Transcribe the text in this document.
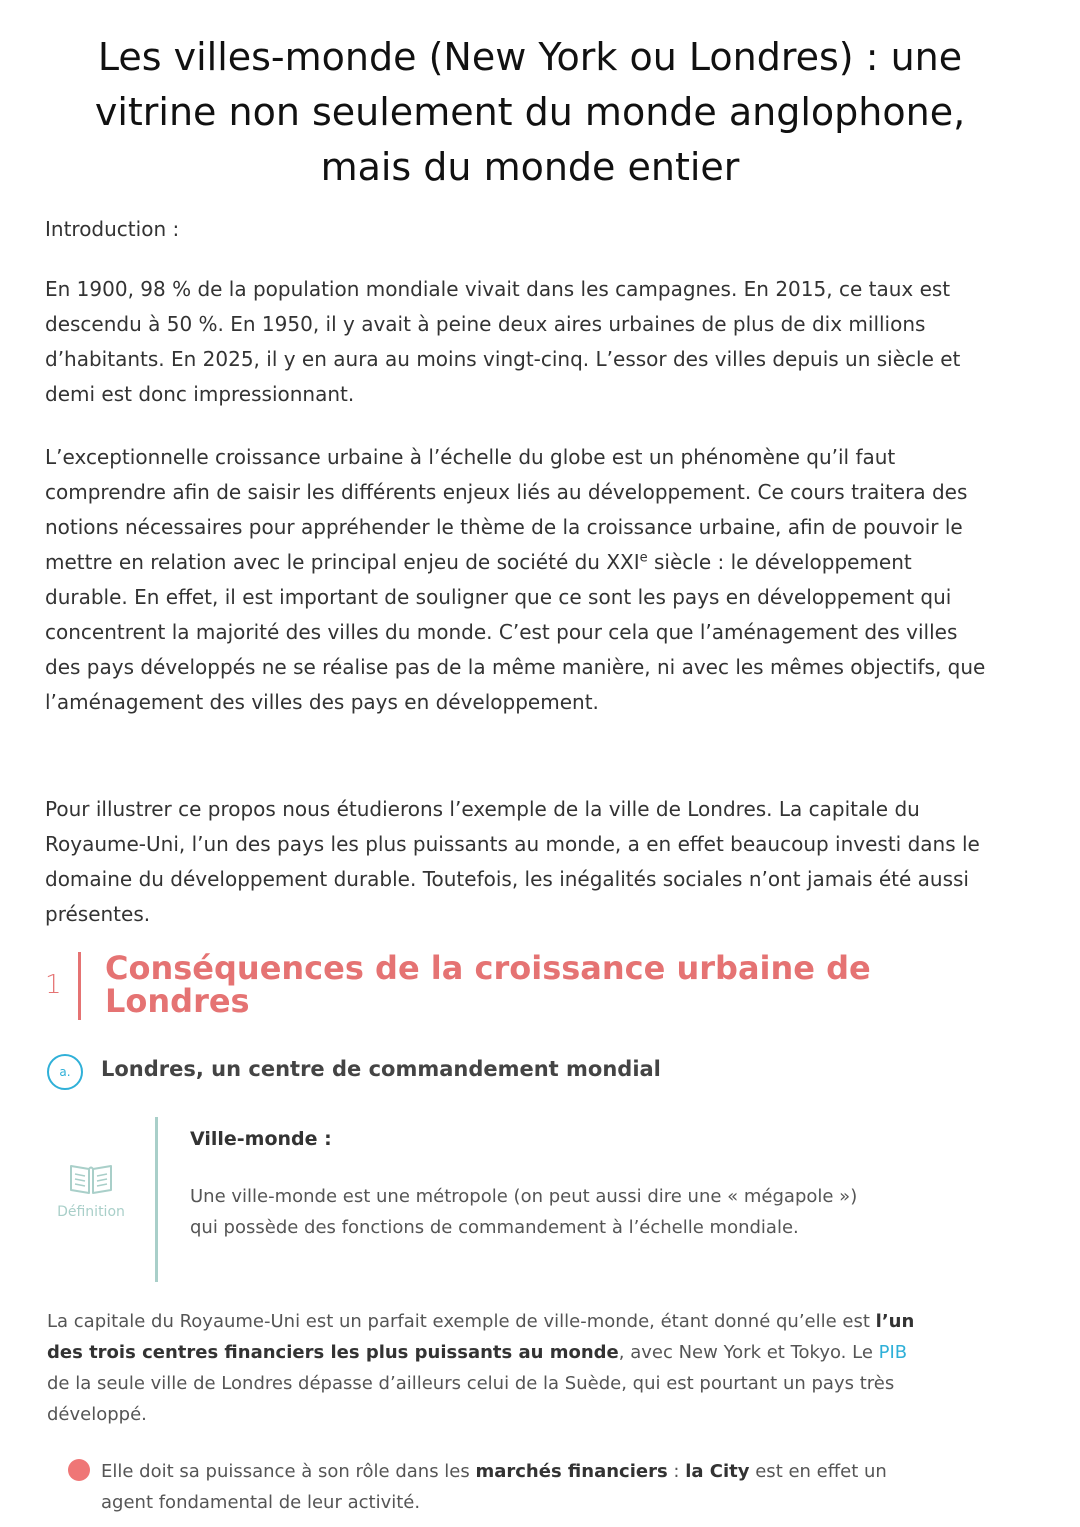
Les villes-monde (New York ou Londres) : une vitrine non seulement du monde anglophone, mais du monde entier
Introduction :

En 1900, 98 % de la population mondiale vivait dans les campagnes. En 2015, ce taux est descendu à 50 %. En 1950, il y avait à peine deux aires urbaines de plus de dix millions d’habitants. En 2025, il y en aura au moins vingt-cinq. L’essor des villes depuis un siècle et demi est donc impressionnant.

L’exceptionnelle croissance urbaine à l’échelle du globe est un phénomène qu’il faut comprendre afin de saisir les différents enjeux liés au développement. Ce cours traitera des notions nécessaires pour appréhender le thème de la croissance urbaine, afin de pouvoir le mettre en relation avec le principal enjeu de société du XXIe siècle : le développement durable. En effet, il est important de souligner que ce sont les pays en développement qui concentrent la majorité des villes du monde. C’est pour cela que l’aménagement des villes des pays développés ne se réalise pas de la même manière, ni avec les mêmes objectifs, que l’aménagement des villes des pays en développement.

Pour illustrer ce propos nous étudierons l’exemple de la ville de Londres. La capitale du Royaume-Uni, l’un des pays les plus puissants au monde, a en effet beaucoup investi dans le domaine du développement durable. Toutefois, les inégalités sociales n’ont jamais été aussi présentes.

1 Conséquences de la croissance urbaine de Londres
a.	Londres, un centre de commandement mondial
Définition
Ville-monde :

Une ville-monde est une métropole (on peut aussi dire une « mégapole ») qui possède des fonctions de commandement à l’échelle mondiale.

La capitale du Royaume-Uni est un parfait exemple de ville-monde, étant donné qu’elle est l’un des trois centres financiers les plus puissants au monde, avec New York et Tokyo. Le PIB de la seule ville de Londres dépasse d’ailleurs celui de la Suède, qui est pourtant un pays très développé.

Elle doit sa puissance à son rôle dans les marchés financiers : la City est en effet un agent fondamental de leur activité.
